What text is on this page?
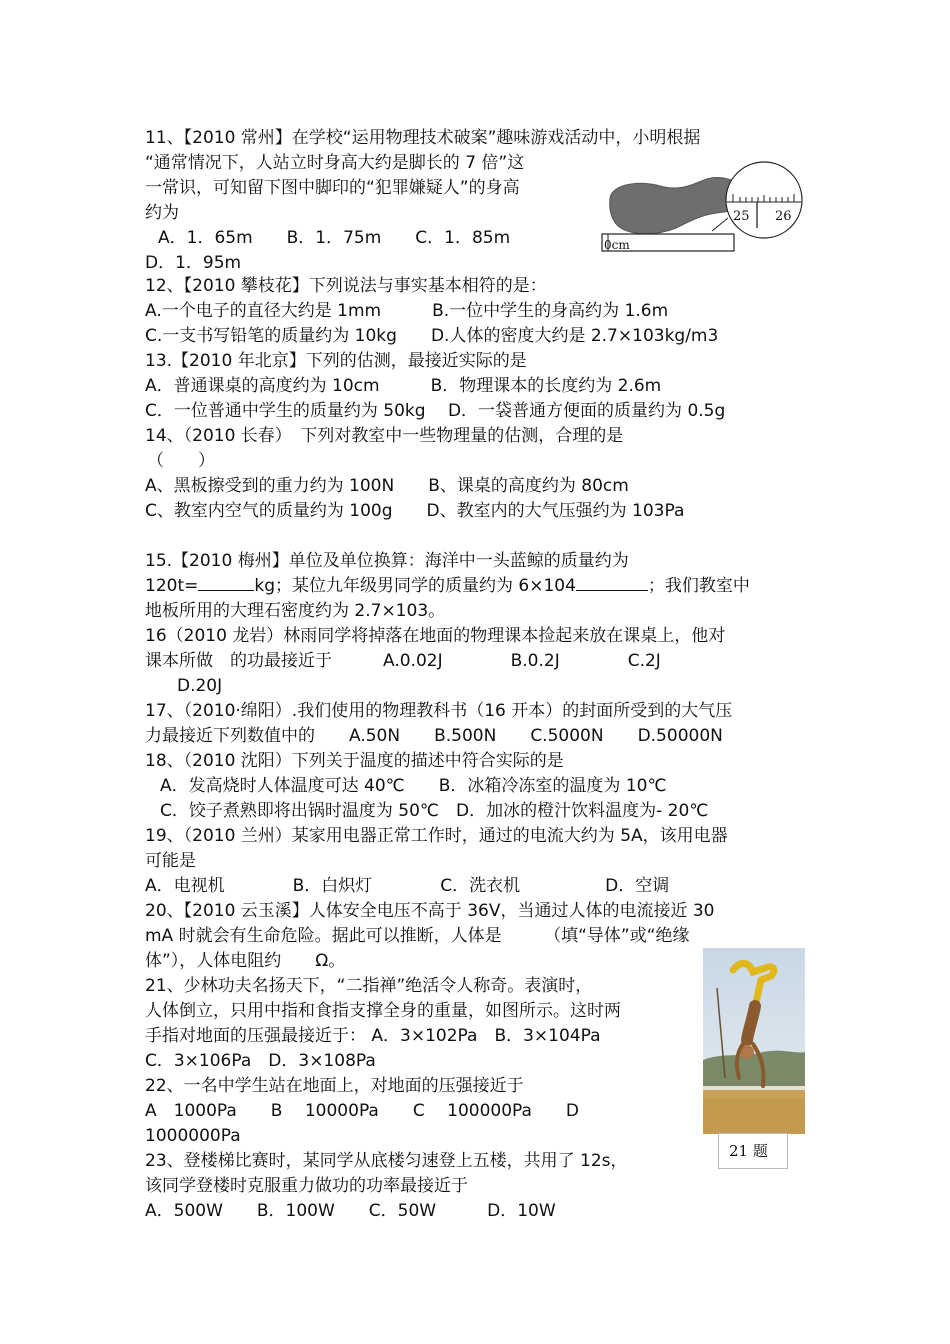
11、【2010 常州】在学校“运用物理技术破案”趣味游戏活动中，小明根据
“通常情况下，人站立时身高大约是脚长的 7 倍”这
一常识，可知留下图中脚印的“犯罪嫌疑人”的身高
约为
A．1．65m　　B．1．75m　　C．1．85m
D．1．95m
0cm
25 26
12、【2010 攀枝花】下列说法与事实基本相符的是：
A.一个电子的直径大约是 1mm　　　B.一位中学生的身高约为 1.6m
C.一支书写铅笔的质量约为 10kg　　D.人体的密度大约是 2.7×103kg/m3
13.【2010 年北京】下列的估测，最接近实际的是
A．普通课桌的高度约为 10cm　　　B．物理课本的长度约为 2.6m
C．一位普通中学生的质量约为 50kg　 D．一袋普通方便面的质量约为 0.5g
14、（2010 长春）　下列对教室中一些物理量的估测，合理的是
（　　）
A、黑板擦受到的重力约为 100N　　B、课桌的高度约为 80cm
C、教室内空气的质量约为 100g　　D、教室内的大气压强约为 103Pa
15.【2010 梅州】单位及单位换算：海洋中一头蓝鲸的质量约为
120t=	kg；某位九年级男同学的质量约为 6×104	；我们教室中
地板所用的大理石密度约为 2.7×103。
16（2010 龙岩）林雨同学将掉落在地面的物理课本捡起来放在课桌上，他对
课本所做　的功最接近于　　　A.0.02J　　　　B.0.2J　　　　C.2J
D.20J
17、（2010·绵阳）.我们使用的物理教科书（16 开本）的封面所受到的大气压
力最接近下列数值中的　　A.50N　　B.500N　　C.5000N　　D.50000N
18、（2010 沈阳）下列关于温度的描述中符合实际的是
A．发高烧时人体温度可达 40℃　　B．冰箱冷冻室的温度为 10℃
C．饺子煮熟即将出锅时温度为 50℃　D．加冰的橙汁饮料温度为- 20℃
19、（2010 兰州）某家用电器正常工作时，通过的电流大约为 5A，该用电器
可能是
A．电视机　　　　B．白炽灯　　　　C．洗衣机　　　　　D．空调
20、【2010 云玉溪】人体安全电压不高于 36V，当通过人体的电流接近 30
mA 时就会有生命危险。据此可以推断，人体是　　　（填“导体”或“绝缘
体”），人体电阻约　　Ω。
21、少林功夫名扬天下，“二指禅”绝活令人称奇。表演时，
人体倒立，只用中指和食指支撑全身的重量，如图所示。这时两
手指对地面的压强最接近于： A．3×102Pa　B．3×104Pa
C．3×106Pa　D．3×108Pa
21 题
22、一名中学生站在地面上，对地面的压强接近于
A　1000Pa　　B　 10000Pa　　C　 100000Pa　　D
1000000Pa
23、登楼梯比赛时，某同学从底楼匀速登上五楼，共用了 12s，
该同学登楼时克服重力做功的功率最接近于
A．500W　　B．100W　　C．50W　　　D．10W
